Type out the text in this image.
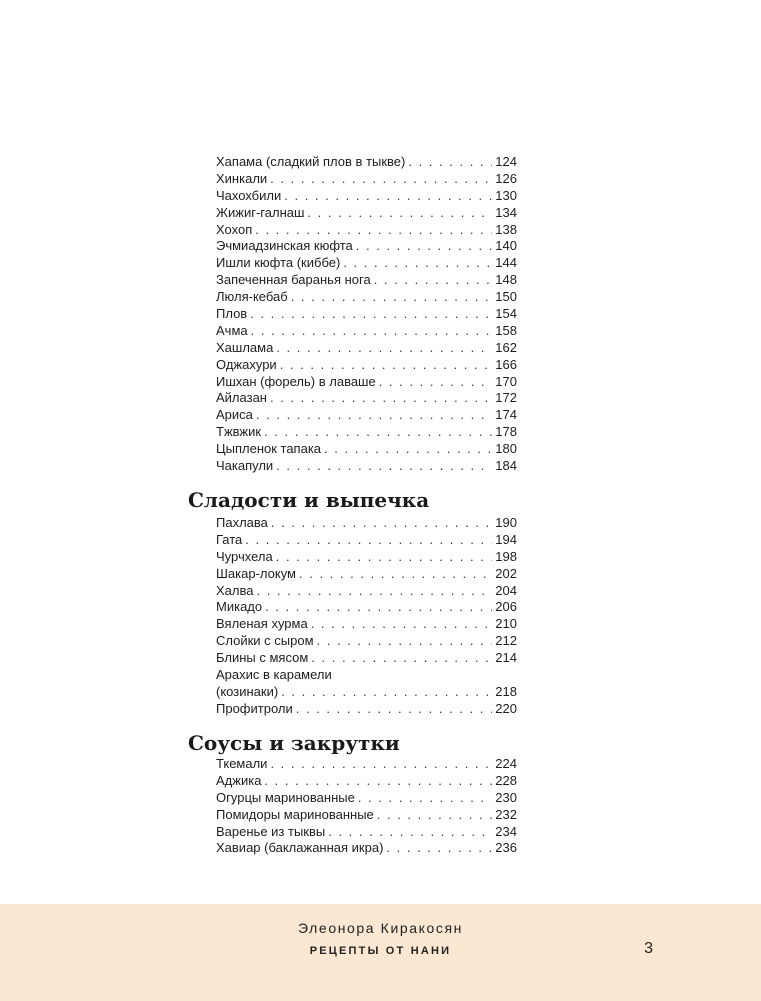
Хапама (сладкий плов в тыкве) . . .	124
Хинкали . . .	126
Чахохбили . . .	130
Жижиг-галнаш . . .	134
Хохоп . . .	138
Эчмиадзинская кюфта . . .	140
Ишли кюфта (киббе) . . .	144
Запеченная баранья нога . . .	148
Люля-кебаб . . .	150
Плов . . .	154
Ачма . . .	158
Хашлама . . .	162
Оджахури . . .	166
Ишхан (форель) в лаваше . . .	170
Айлазан . . .	172
Ариса . . .	174
Тжвжик . . .	178
Цыпленок тапака . . .	180
Чакапули . . .	184
Сладости и выпечка
Пахлава . . .	190
Гата . . .	194
Чурчхела . . .	198
Шакар-локум . . .	202
Халва . . .	204
Микадо . . .	206
Вяленая хурма . . .	210
Слойки с сыром . . .	212
Блины с мясом . . .	214
Арахис в карамели
(козинаки) . . .	218
Профитроли . . .	220
Соусы и закрутки
Ткемали . . .	224
Аджика . . .	228
Огурцы маринованные . . .	230
Помидоры маринованные . . .	232
Варенье из тыквы . . .	234
Хавиар (баклажанная икра) . . .	236
Элеонора Киракосян
РЕЦЕПТЫ ОТ НАНИ	3
